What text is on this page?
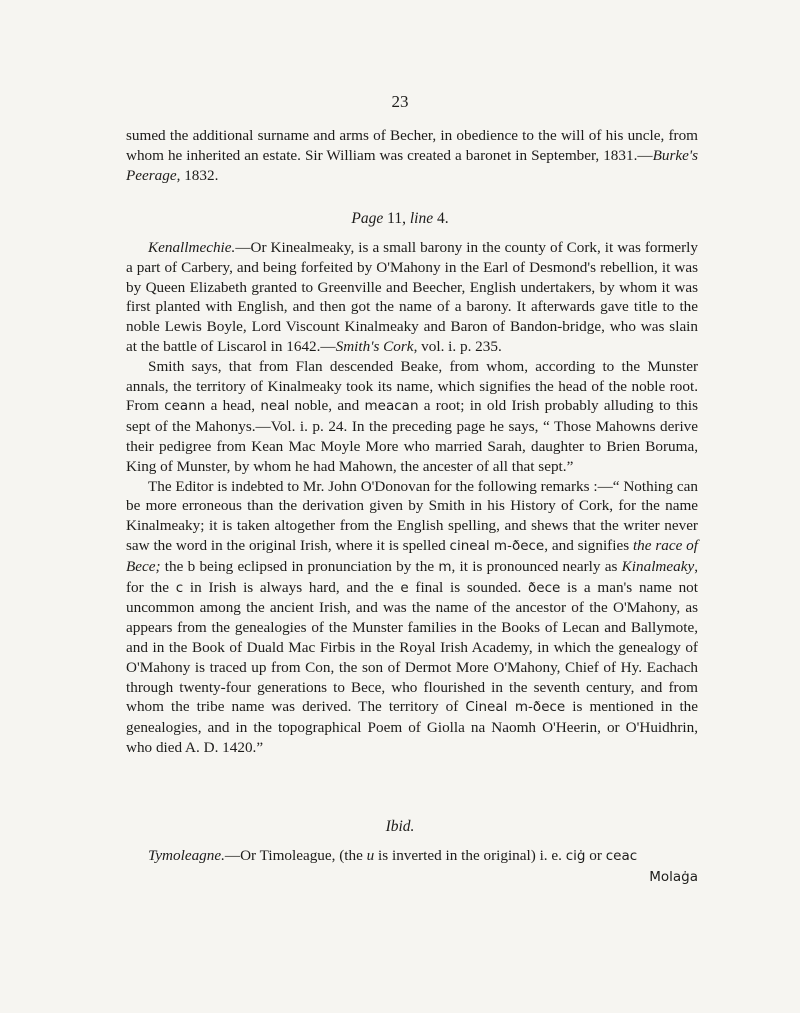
23

sumed the additional surname and arms of Becher, in obedience to the will of his uncle, from whom he inherited an estate. Sir William was created a baronet in September, 1831.—Burke's Peerage, 1832.

Page 11, line 4.

Kenallmechie.—Or Kinealmeaky, is a small barony in the county of Cork, it was formerly a part of Carbery, and being forfeited by O'Mahony in the Earl of Desmond's rebellion, it was by Queen Elizabeth granted to Greenville and Beecher, English undertakers, by whom it was first planted with English, and then got the name of a barony. It afterwards gave title to the noble Lewis Boyle, Lord Viscount Kinalmeaky and Baron of Bandon-bridge, who was slain at the battle of Liscarol in 1642.—Smith's Cork, vol. i. p. 235.

Smith says, that from Flan descended Beake, from whom, according to the Munster annals, the territory of Kinalmeaky took its name, which signifies the head of the noble root. From ceann a head, neal noble, and meacan a root; in old Irish probably alluding to this sept of the Mahonys.—Vol. i. p. 24. In the preceding page he says, “ Those Mahowns derive their pedigree from Kean Mac Moyle More who married Sarah, daughter to Brien Boruma, King of Munster, by whom he had Mahown, the ancester of all that sept.”

The Editor is indebted to Mr. John O'Donovan for the following remarks :—“ Nothing can be more erroneous than the derivation given by Smith in his History of Cork, for the name Kinalmeaky; it is taken altogether from the English spelling, and shews that the writer never saw the word in the original Irish, where it is spelled cineal m-ðece, and signifies the race of Bece; the b being eclipsed in pronunciation by the m, it is pronounced nearly as Kinalmeaky, for the c in Irish is always hard, and the e final is sounded. ðece is a man's name not uncommon among the ancient Irish, and was the name of the ancestor of the O'Mahony, as appears from the genealogies of the Munster families in the Books of Lecan and Ballymote, and in the Book of Duald Mac Firbis in the Royal Irish Academy, in which the genealogy of O'Mahony is traced up from Con, the son of Dermot More O'Mahony, Chief of Hy. Eachach through twenty-four generations to Bece, who flourished in the seventh century, and from whom the tribe name was derived. The territory of Cineal m-ðece is mentioned in the genealogies, and in the topographical Poem of Giolla na Naomh O'Heerin, or O'Huidhrin, who died A. D. 1420.”

Ibid.

Tymoleagne.—Or Timoleague, (the u is inverted in the original) i. e. ciġ or ceac

Molaġa
